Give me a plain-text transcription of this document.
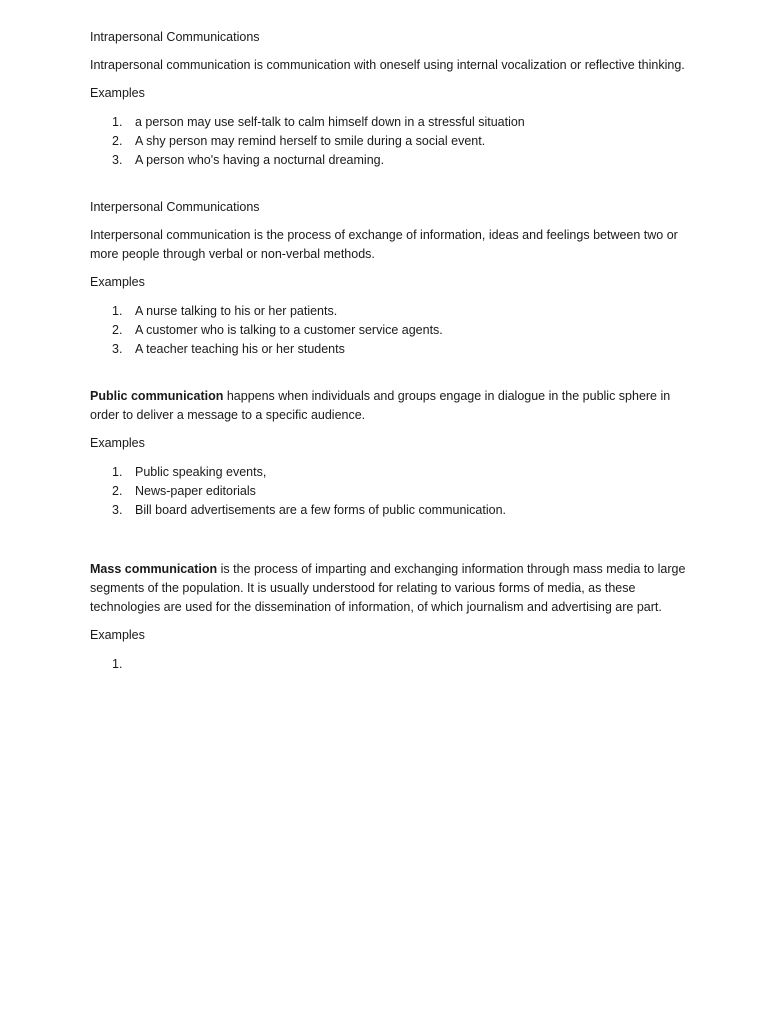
Intrapersonal Communications

Intrapersonal communication is communication with oneself using internal vocalization or reflective thinking.

Examples

1. a person may use self-talk to calm himself down in a stressful situation
2. A shy person may remind herself to smile during a social event.
3. A person who's having a nocturnal dreaming.

Interpersonal Communications

Interpersonal communication is the process of exchange of information, ideas and feelings between two or more people through verbal or non-verbal methods.

Examples

1. A nurse talking to his or her patients.
2. A customer who is talking to a customer service agents.
3. A teacher teaching his or her students

Public communication happens when individuals and groups engage in dialogue in the public sphere in order to deliver a message to a specific audience.

Examples

1. Public speaking events,
2. News-paper editorials
3. Bill board advertisements are a few forms of public communication.

Mass communication is the process of imparting and exchanging information through mass media to large segments of the population. It is usually understood for relating to various forms of media, as these technologies are used for the dissemination of information, of which journalism and advertising are part.

Examples

1.
